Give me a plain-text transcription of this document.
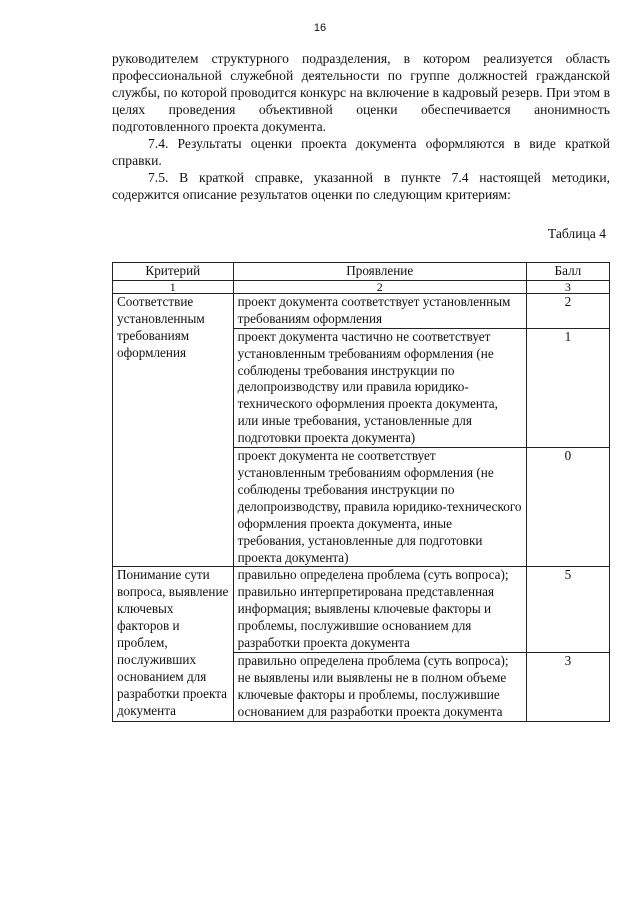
16

руководителем структурного подразделения, в котором реализуется область профессиональной служебной деятельности по группе должностей гражданской службы, по которой проводится конкурс на включение в кадровый резерв. При этом в целях проведения объективной оценки обеспечивается анонимность подготовленного проекта документа.

7.4. Результаты оценки проекта документа оформляются в виде краткой справки.

7.5. В краткой справке, указанной в пункте 7.4 настоящей методики, содержится описание результатов оценки по следующим критериям:

Таблица 4
Критерий	Проявление	Балл
1	2	3
Соответствие установленным требованиям оформления	проект документа соответствует установленным требованиям оформления	2
	проект документа частично не соответствует установленным требованиям оформления (не соблюдены требования инструкции по делопроизводству или правила юридико-технического оформления проекта документа, или иные требования, установленные для подготовки проекта документа)	1
	проект документа не соответствует установленным требованиям оформления (не соблюдены требования инструкции по делопроизводству, правила юридико-технического оформления проекта документа, иные требования, установленные для подготовки проекта документа)	0
Понимание сути вопроса, выявление ключевых факторов и проблем, послуживших основанием для разработки проекта документа	правильно определена проблема (суть вопроса); правильно интерпретирована представленная информация; выявлены ключевые факторы и проблемы, послужившие основанием для разработки проекта документа	5
	правильно определена проблема (суть вопроса); не выявлены или выявлены не в полном объеме ключевые факторы и проблемы, послужившие основанием для разработки проекта документа	3
